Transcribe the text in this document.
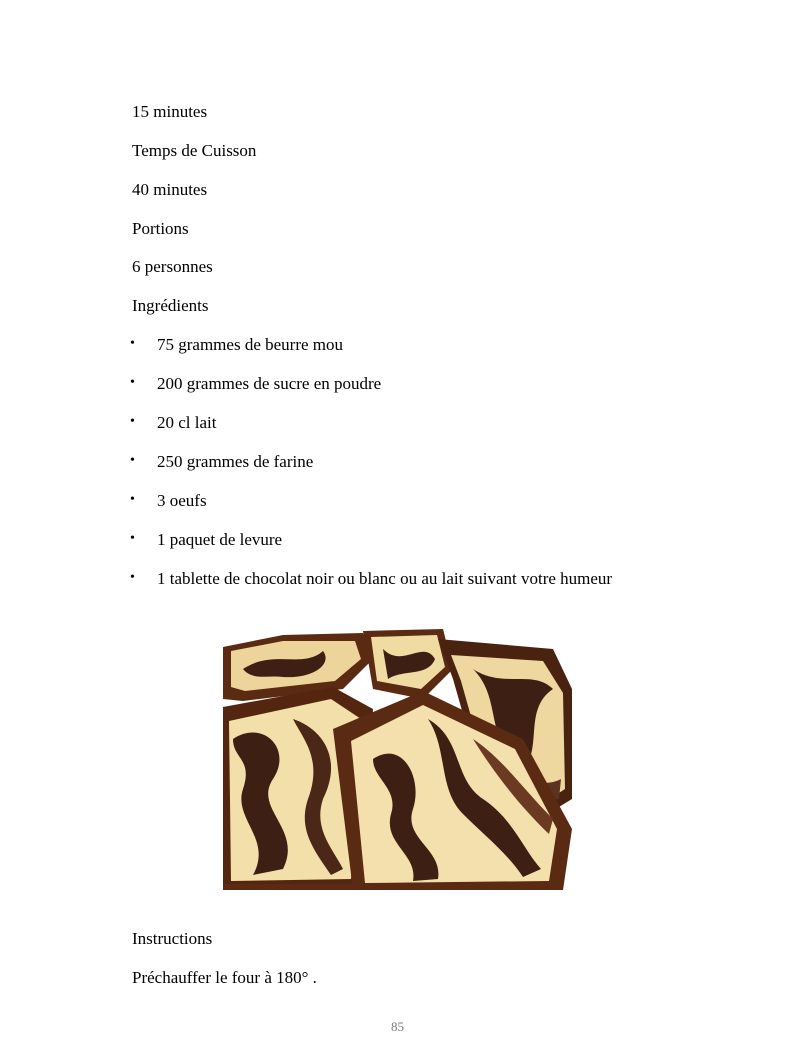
15 minutes
Temps de Cuisson
40 minutes
Portions
6 personnes
Ingrédients
• 75 grammes de beurre mou
• 200 grammes de sucre en poudre
• 20 cl lait
• 250 grammes de farine
• 3 oeufs
• 1 paquet de levure
• 1 tablette de chocolat noir ou blanc ou au lait suivant votre humeur
Instructions
Préchauffer le four à 180° .
85
